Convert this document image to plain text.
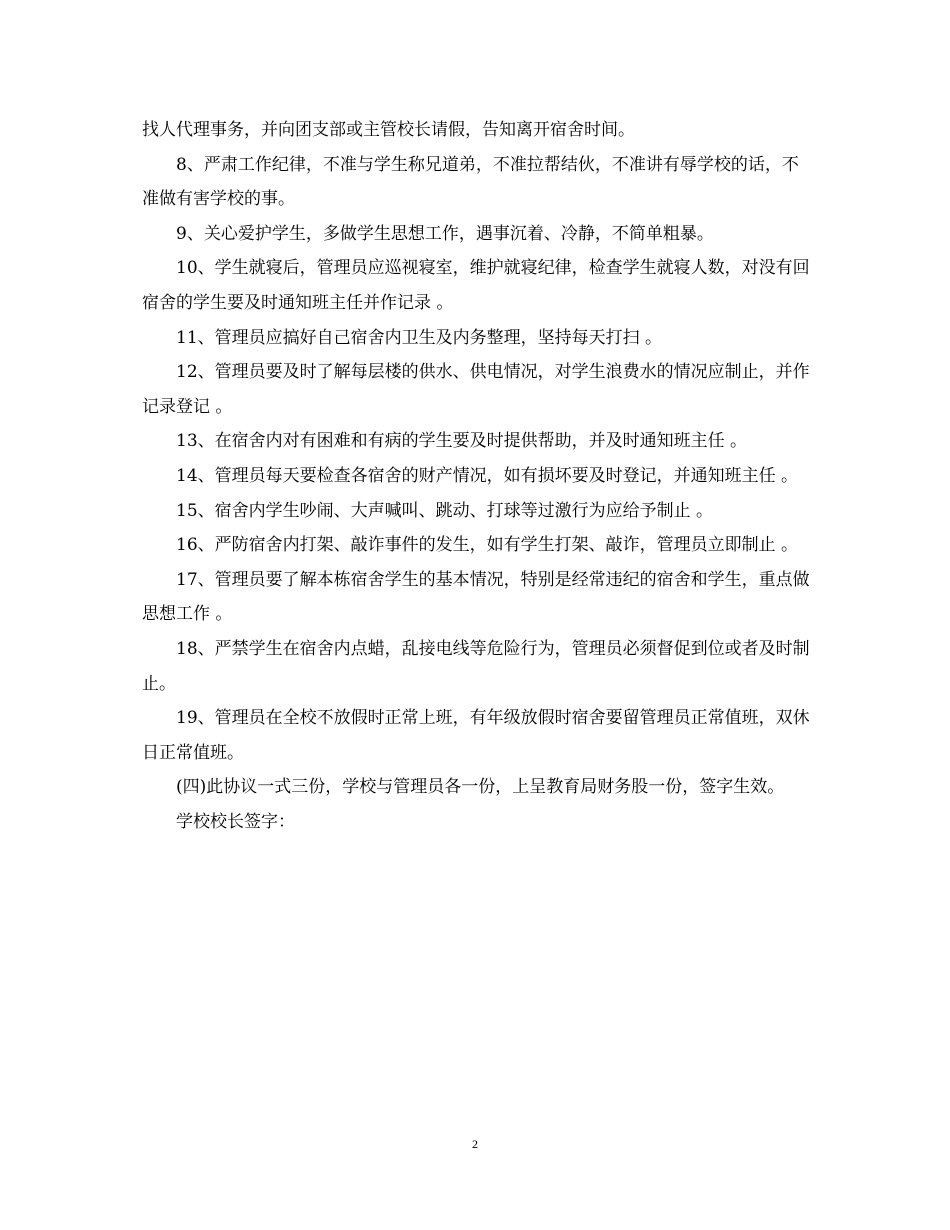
找人代理事务，并向团支部或主管校长请假，告知离开宿舍时间。

8、严肃工作纪律，不准与学生称兄道弟，不准拉帮结伙，不准讲有辱学校的话，不准做有害学校的事。

9、关心爱护学生，多做学生思想工作，遇事沉着、冷静，不简单粗暴。

10、学生就寝后，管理员应巡视寝室，维护就寝纪律，检查学生就寝人数，对没有回宿舍的学生要及时通知班主任并作记录 。

11、管理员应搞好自己宿舍内卫生及内务整理，坚持每天打扫 。

12、管理员要及时了解每层楼的供水、供电情况，对学生浪费水的情况应制止，并作记录登记 。

13、在宿舍内对有困难和有病的学生要及时提供帮助，并及时通知班主任 。

14、管理员每天要检查各宿舍的财产情况，如有损坏要及时登记，并通知班主任 。

15、宿舍内学生吵闹、大声喊叫、跳动、打球等过激行为应给予制止 。

16、严防宿舍内打架、敲诈事件的发生，如有学生打架、敲诈，管理员立即制止 。

17、管理员要了解本栋宿舍学生的基本情况，特别是经常违纪的宿舍和学生，重点做思想工作 。

18、严禁学生在宿舍内点蜡，乱接电线等危险行为，管理员必须督促到位或者及时制止。

19、管理员在全校不放假时正常上班，有年级放假时宿舍要留管理员正常值班，双休日正常值班。

(四)此协议一式三份，学校与管理员各一份，上呈教育局财务股一份，签字生效。

学校校长签字：

2
